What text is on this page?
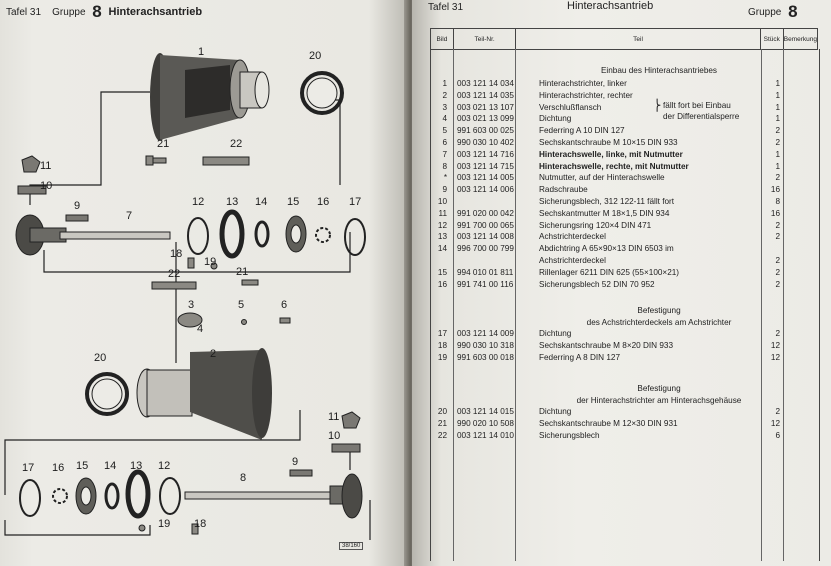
Tafel 31 Gruppe 8 Hinterachsantrieb
1	20
21	22
11
10
9
7
12 13 14 15 16 17
18
19
22	21
3	5	6
4
20	2
11
10
17 16 15 14 13 12	9
8
19 18
38/160
Tafel 31	Hinterachsantrieb
Gruppe 8
Bild	Teil-Nr.	Teil	Stück	Bemerkung
Einbau des Hinterachsantriebes
1 003 121 14 034	Hinterachstrichter, linker	1
2 003 121 14 035	Hinterachstrichter, rechter	1
3 003 021 13 107	Verschlußflansch	1
4 003 021 13 099	Dichtung	1
5 991 603 00 025	Federring A 10 DIN 127	2
6 990 030 10 402	Sechskantschraube M 10×15 DIN 933	2
7 003 121 14 716	Hinterachswelle, linke, mit Nutmutter	1
8 003 121 14 715	Hinterachswelle, rechte, mit Nutmutter	1
* 003 121 14 005	Nutmutter, auf der Hinterachswelle	2
9 003 121 14 006	Radschraube	16
10	Sicherungsblech, 312 122-11 fällt fort	8
11 991 020 00 042	Sechskantmutter M 18×1,5 DIN 934	16
12 991 700 00 065	Sicherungsring 120×4 DIN 471	2
13 003 121 14 008	Achstrichterdeckel	2
14 996 700 00 799	Abdichtring A 65×90×13 DIN 6503 im
Achstrichterdeckel	2
15 994 010 01 811	Rillenlager 6211 DIN 625 (55×100×21)	2
16 991 741 00 116	Sicherungsblech 52 DIN 70 952	2
Befestigung
des Achstrichterdeckels am Achstrichter
17 003 121 14 009	Dichtung	2
18 990 030 10 318	Sechskantschraube M 8×20 DIN 933	12
19 991 603 00 018	Federring A 8 DIN 127	12
Befestigung
der Hinterachstrichter am Hinterachsgehäuse
20 003 121 14 015	Dichtung	2
21 990 020 10 508	Sechskantschraube M 12×30 DIN 931	12
22 003 121 14 010	Sicherungsblech	6
fällt fort bei Einbau
der Differentialsperre
⎬
